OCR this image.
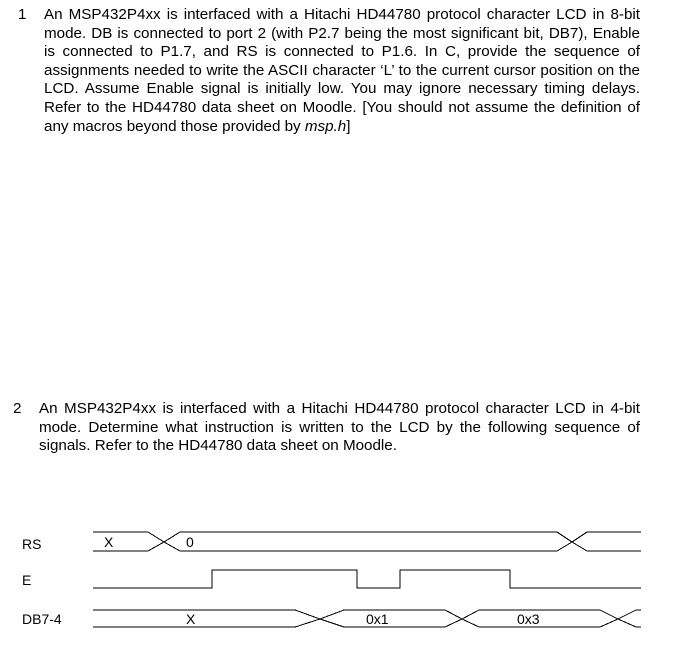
1 An MSP432P4xx is interfaced with a Hitachi HD44780 protocol character LCD in 8-bit mode. DB is connected to port 2 (with P2.7 being the most significant bit, DB7), Enable is connected to P1.7, and RS is connected to P1.6. In C, provide the sequence of assignments needed to write the ASCII character ‘L’ to the current cursor position on the LCD. Assume Enable signal is initially low. You may ignore necessary timing delays. Refer to the HD44780 data sheet on Moodle. [You should not assume the definition of any macros beyond those provided by msp.h]
2 An MSP432P4xx is interfaced with a Hitachi HD44780 protocol character LCD in 4-bit mode. Determine what instruction is written to the LCD by the following sequence of signals. Refer to the HD44780 data sheet on Moodle.
RS
E
DB7-4
X	0
X	0x1	0x3
